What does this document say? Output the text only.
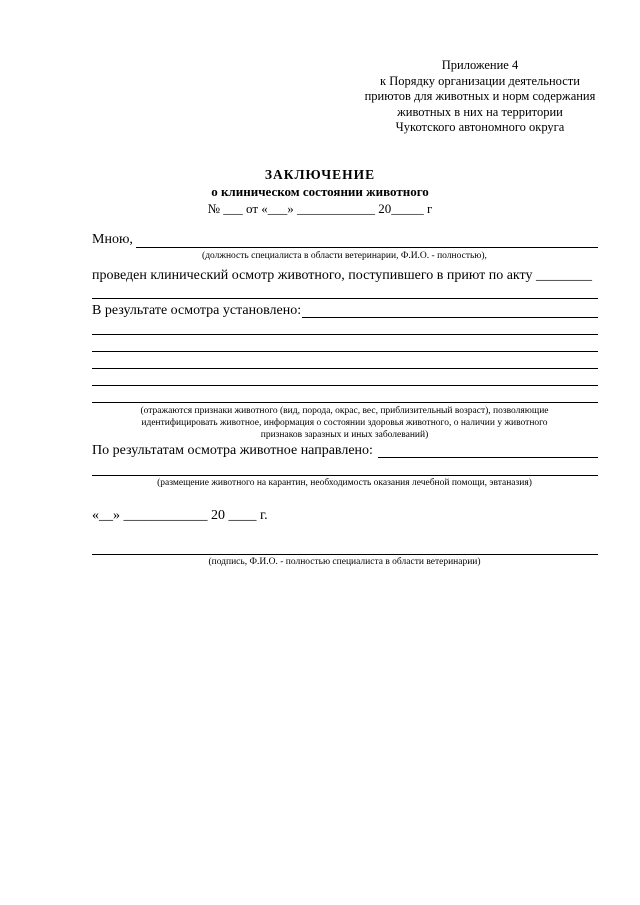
Приложение 4
к Порядку организации деятельности
приютов для животных и норм содержания
животных в них на территории
Чукотского автономного округа
ЗАКЛЮЧЕНИЕ
о клиническом состоянии животного
№ ___ от «___» ____________ 20_____ г
Мною,
(должность специалиста в области ветеринарии, Ф.И.О. - полностью),
проведен клинический осмотр животного, поступившего в приют по акту ________
В результате осмотра установлено:
(отражаются признаки животного (вид, порода, окрас, вес, приблизительный возраст), позволяющие
идентифицировать животное, информация о состоянии здоровья животного, о наличии у животного
признаков заразных и иных заболеваний)
По результатам осмотра животное направлено:
(размещение животного на карантин, необходимость оказания лечебной помощи, эвтаназия)
«__» ____________ 20 ____ г.
(подпись, Ф.И.О. - полностью специалиста в области ветеринарии)
